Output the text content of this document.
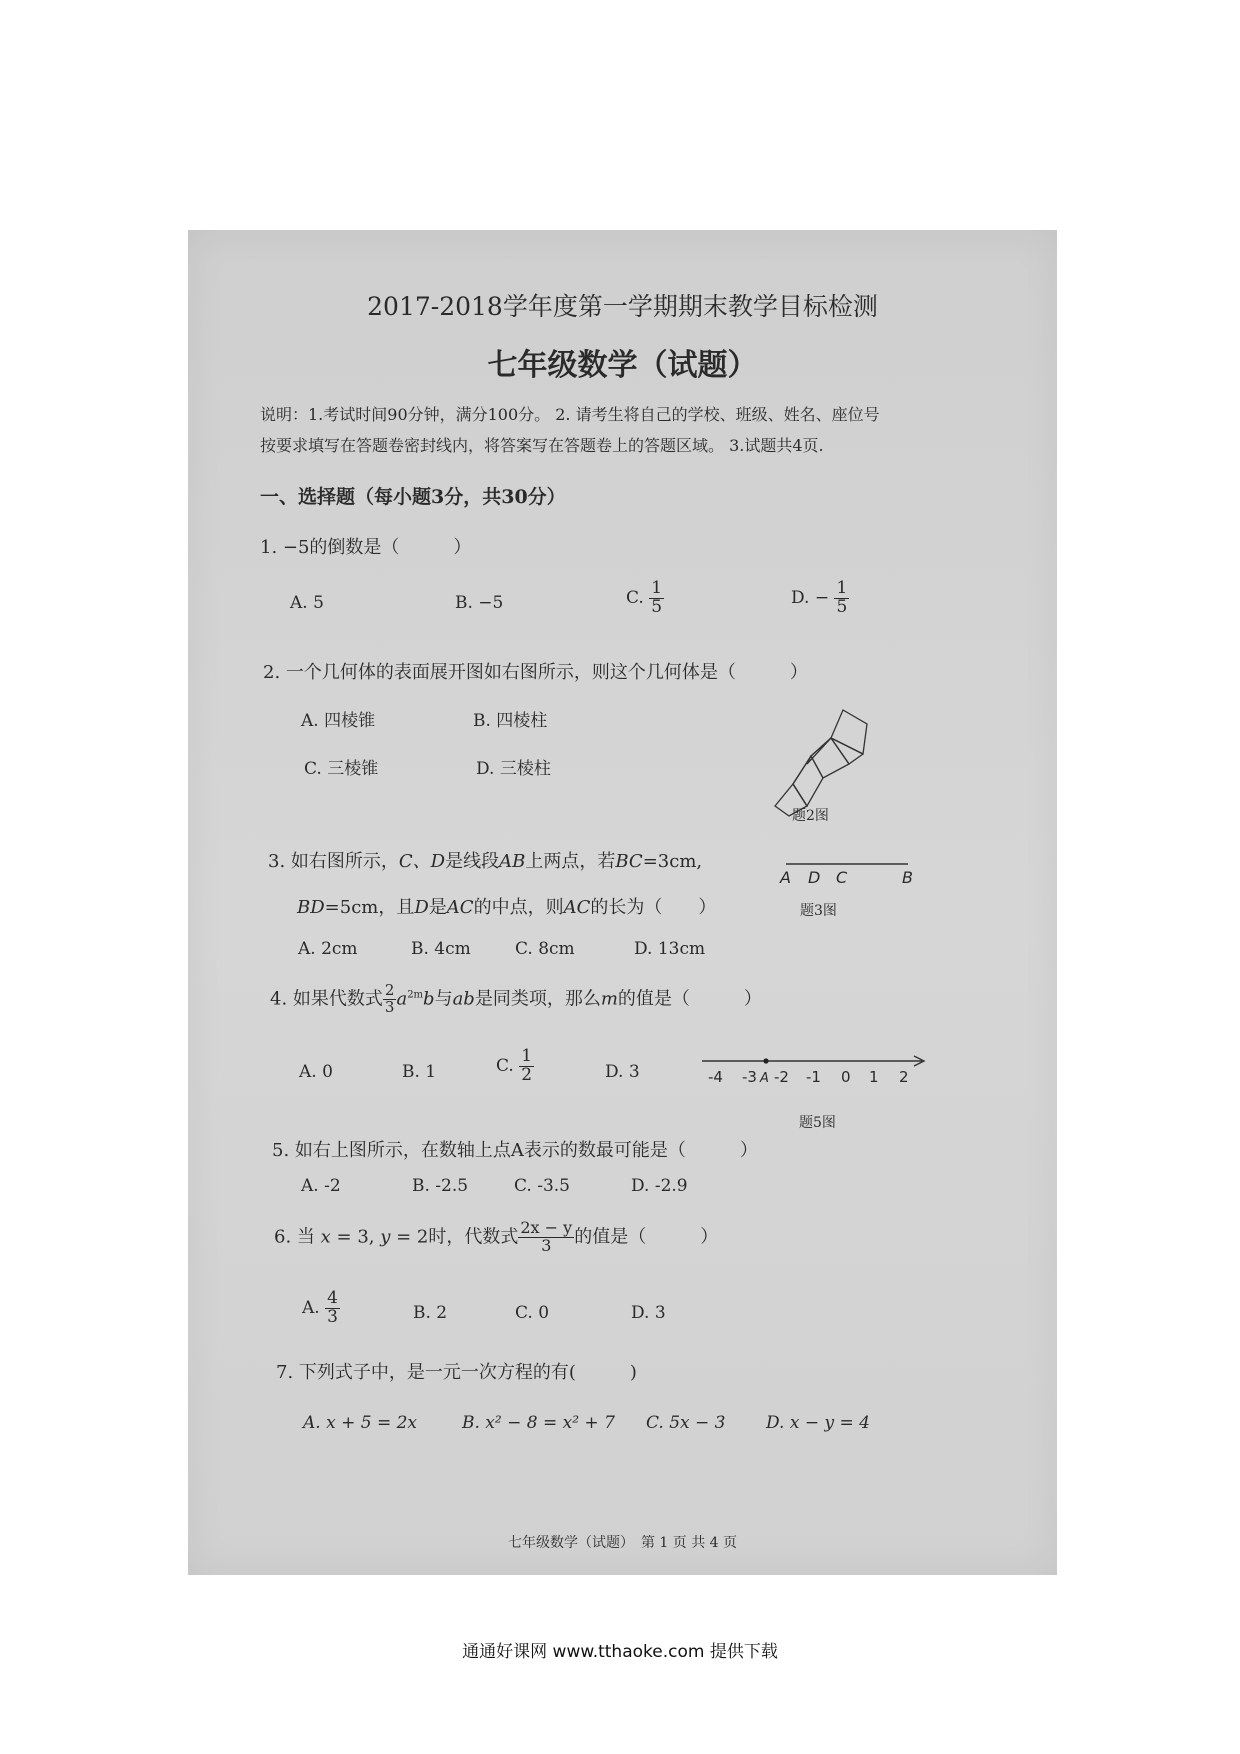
2017-2018学年度第一学期期末教学目标检测
七年级数学（试题）
说明：1.考试时间90分钟，满分100分。 2. 请考生将自己的学校、班级、姓名、座位号
按要求填写在答题卷密封线内，将答案写在答题卷上的答题区域。 3.试题共4页.
一、选择题（每小题3分，共30分）
1. −5的倒数是（　　　）
A. 5	B. −5	C. $\frac{1}{5}$	D. − $\frac{1}{5}$
2. 一个几何体的表面展开图如右图所示，则这个几何体是（　　　）
A. 四棱锥	B. 四棱柱
C. 三棱锥	D. 三棱柱
题2图
3. 如右图所示，C、D是线段AB上两点，若BC=3cm,
BD=5cm，且D是AC的中点，则AC的长为（　　）
A. 2cm	B. 4cm	C. 8cm	D. 13cm
A D C	B
题3图
4. 如果代数式 $\frac{2}{3} a^{2m}b$与ab是同类项，那么m的值是（　　　）
A. 0	B. 1	C. $\frac{1}{2}$	D. 3	-4 -3 A -2 -1 0 1 2
题5图
5. 如右上图所示，在数轴上点A表示的数最可能是（　　　）
A. -2	B. -2.5	C. -3.5	D. -2.9
6. 当 x = 3, y = 2时，代数式 $\frac{2x - y}{3}$ 的值是（　　　）
A. $\frac{4}{3}$	B. 2	C. 0	D. 3
7. 下列式子中，是一元一次方程的有(　　　)
A. x + 5 = 2x	B. x² − 8 = x² + 7 C. 5x − 3 D. x − y = 4
七年级数学（试题）　第 1 页 共 4 页
通通好课网 www.tthaoke.com 提供下载
